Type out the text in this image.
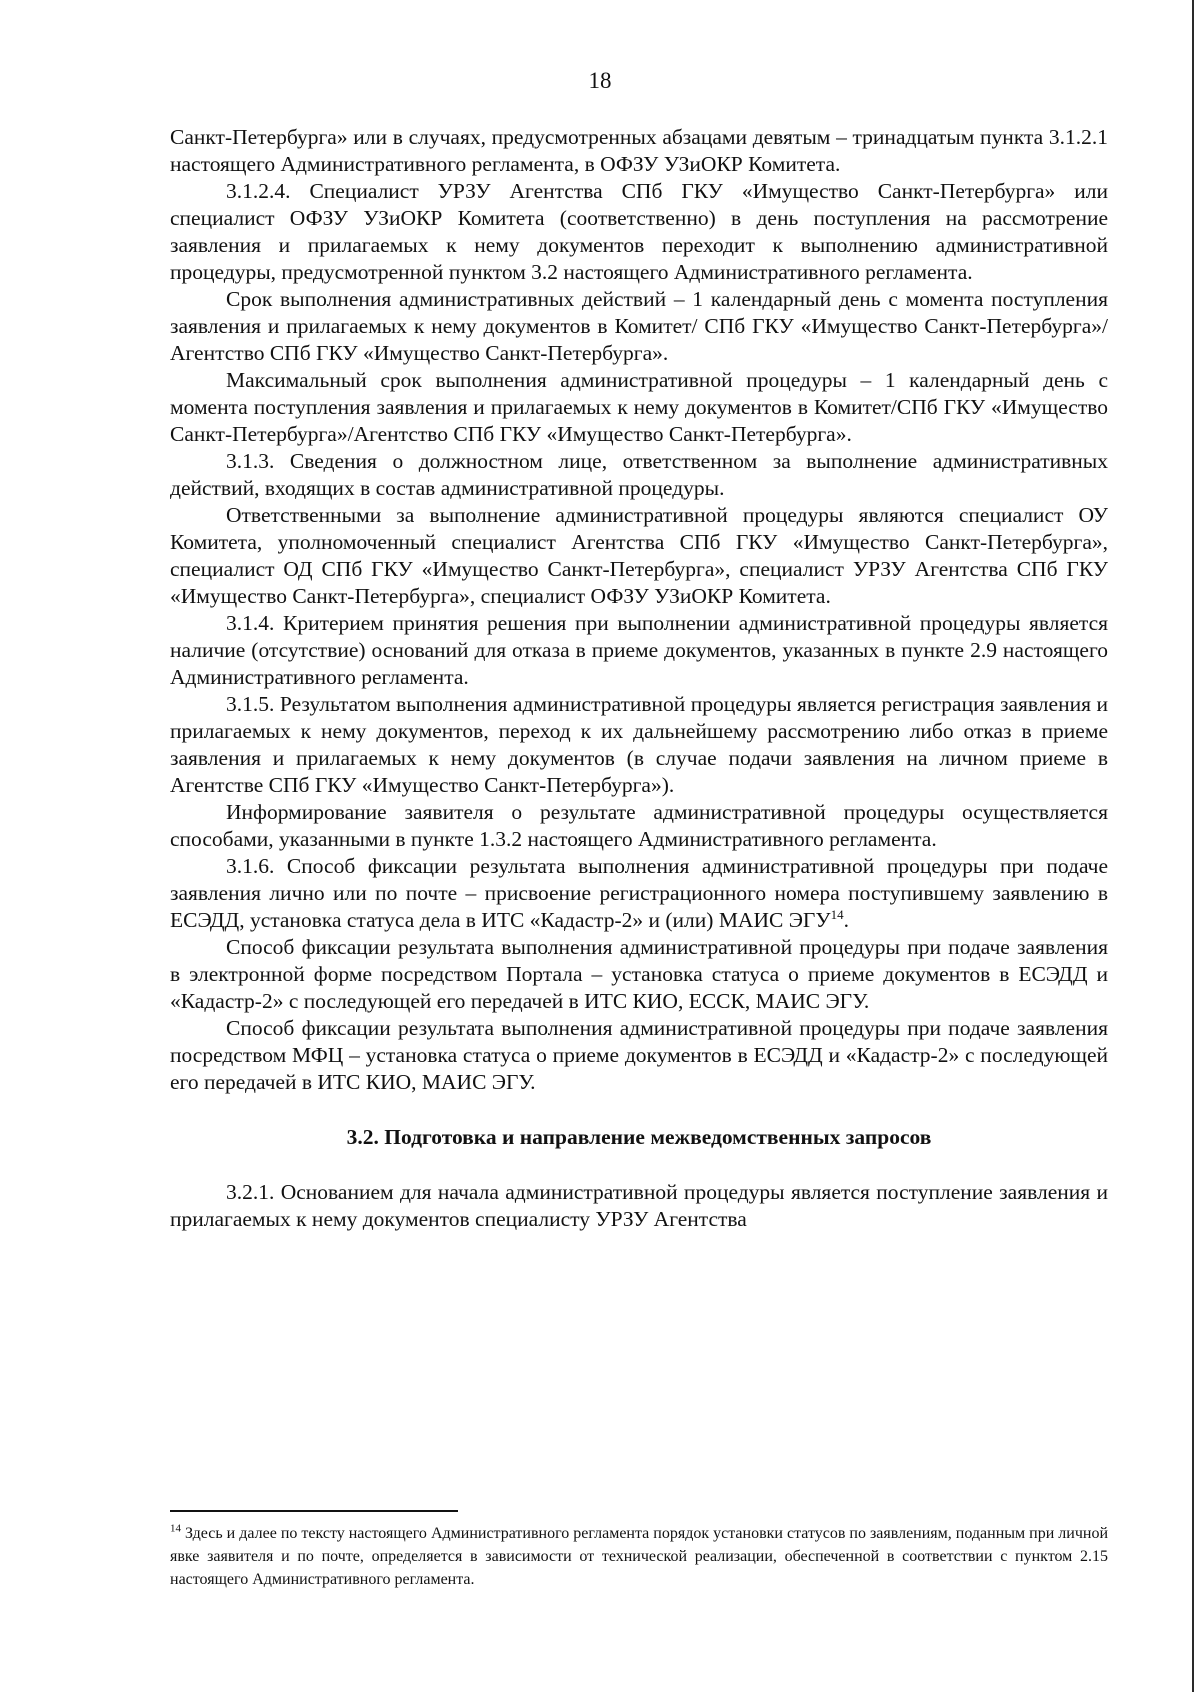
18

Санкт-Петербурга» или в случаях, предусмотренных абзацами девятым – тринадцатым пункта 3.1.2.1 настоящего Административного регламента, в ОФЗУ УЗиОКР Комитета.

3.1.2.4. Специалист УРЗУ Агентства СПб ГКУ «Имущество Санкт-Петербурга» или специалист ОФЗУ УЗиОКР Комитета (соответственно) в день поступления на рассмотрение заявления и прилагаемых к нему документов переходит к выполнению административной процедуры, предусмотренной пунктом 3.2 настоящего Административного регламента.

Срок выполнения административных действий – 1 календарный день с момента поступления заявления и прилагаемых к нему документов в Комитет/ СПб ГКУ «Имущество Санкт-Петербурга»/Агентство СПб ГКУ «Имущество Санкт-Петербурга».

Максимальный срок выполнения административной процедуры – 1 календарный день с момента поступления заявления и прилагаемых к нему документов в Комитет/СПб ГКУ «Имущество Санкт-Петербурга»/Агентство СПб ГКУ «Имущество Санкт-Петербурга».

3.1.3. Сведения о должностном лице, ответственном за выполнение административных действий, входящих в состав административной процедуры.

Ответственными за выполнение административной процедуры являются специалист ОУ Комитета, уполномоченный специалист Агентства СПб ГКУ «Имущество Санкт-Петербурга», специалист ОД СПб ГКУ «Имущество Санкт-Петербурга», специалист УРЗУ Агентства СПб ГКУ «Имущество Санкт-Петербурга», специалист ОФЗУ УЗиОКР Комитета.

3.1.4. Критерием принятия решения при выполнении административной процедуры является наличие (отсутствие) оснований для отказа в приеме документов, указанных в пункте 2.9 настоящего Административного регламента.

3.1.5. Результатом выполнения административной процедуры является регистрация заявления и прилагаемых к нему документов, переход к их дальнейшему рассмотрению либо отказ в приеме заявления и прилагаемых к нему документов (в случае подачи заявления на личном приеме в Агентстве СПб ГКУ «Имущество Санкт-Петербурга»).

Информирование заявителя о результате административной процедуры осуществляется способами, указанными в пункте 1.3.2 настоящего Административного регламента.

3.1.6. Способ фиксации результата выполнения административной процедуры при подаче заявления лично или по почте – присвоение регистрационного номера поступившему заявлению в ЕСЭДД, установка статуса дела в ИТС «Кадастр-2» и (или) МАИС ЭГУ$^{14}$.

Способ фиксации результата выполнения административной процедуры при подаче заявления в электронной форме посредством Портала – установка статуса о приеме документов в ЕСЭДД и «Кадастр-2» с последующей его передачей в ИТС КИО, ЕССК, МАИС ЭГУ.

Способ фиксации результата выполнения административной процедуры при подаче заявления посредством МФЦ – установка статуса о приеме документов в ЕСЭДД и «Кадастр-2» с последующей его передачей в ИТС КИО, МАИС ЭГУ.

3.2. Подготовка и направление межведомственных запросов

3.2.1. Основанием для начала административной процедуры является поступление заявления и прилагаемых к нему документов специалисту УРЗУ Агентства

$^{14}$ Здесь и далее по тексту настоящего Административного регламента порядок установки статусов по заявлениям, поданным при личной явке заявителя и по почте, определяется в зависимости от технической реализации, обеспеченной в соответствии с пунктом 2.15 настоящего Административного регламента.
